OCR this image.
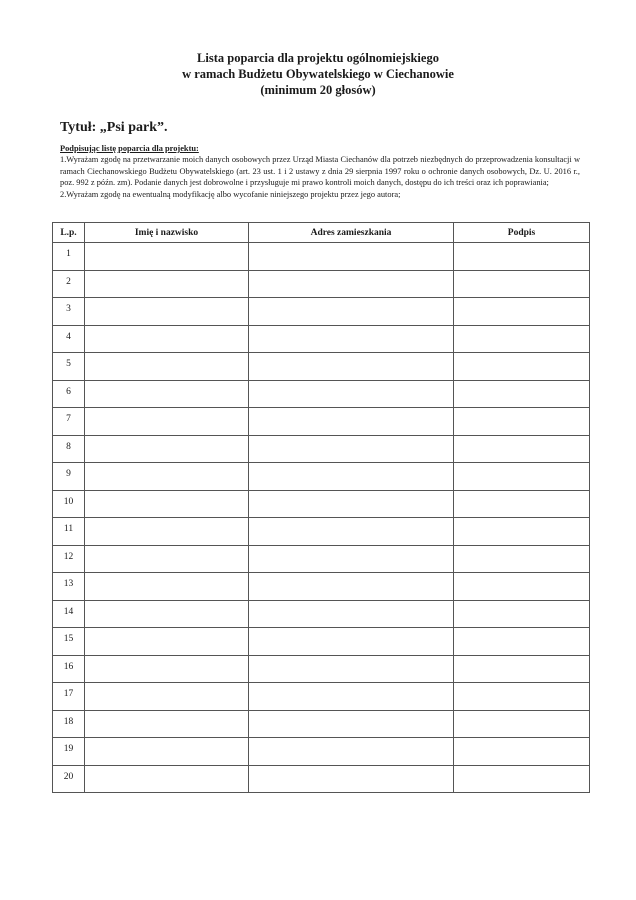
Lista poparcia dla projektu ogólnomiejskiego
w ramach Budżetu Obywatelskiego w Ciechanowie
(minimum 20 głosów)
Tytuł: „Psi park”.
Podpisując listę poparcia dla projektu:
1.Wyrażam zgodę na przetwarzanie moich danych osobowych przez Urząd Miasta Ciechanów dla potrzeb niezbędnych do przeprowadzenia konsultacji w ramach Ciechanowskiego Budżetu Obywatelskiego (art. 23 ust. 1 i 2 ustawy z dnia 29 sierpnia 1997 roku o ochronie danych osobowych, Dz. U. 2016 r., poz. 992 z późn. zm). Podanie danych jest dobrowolne i przysługuje mi prawo kontroli moich danych, dostępu do ich treści oraz ich poprawiania;
2.Wyrażam zgodę na ewentualną modyfikację albo wycofanie niniejszego projektu przez jego autora;
L.p.	Imię i nazwisko	Adres zamieszkania	Podpis
1			
2			
3			
4			
5			
6			
7			
8			
9			
10			
11			
12			
13			
14			
15			
16			
17			
18			
19			
20			
